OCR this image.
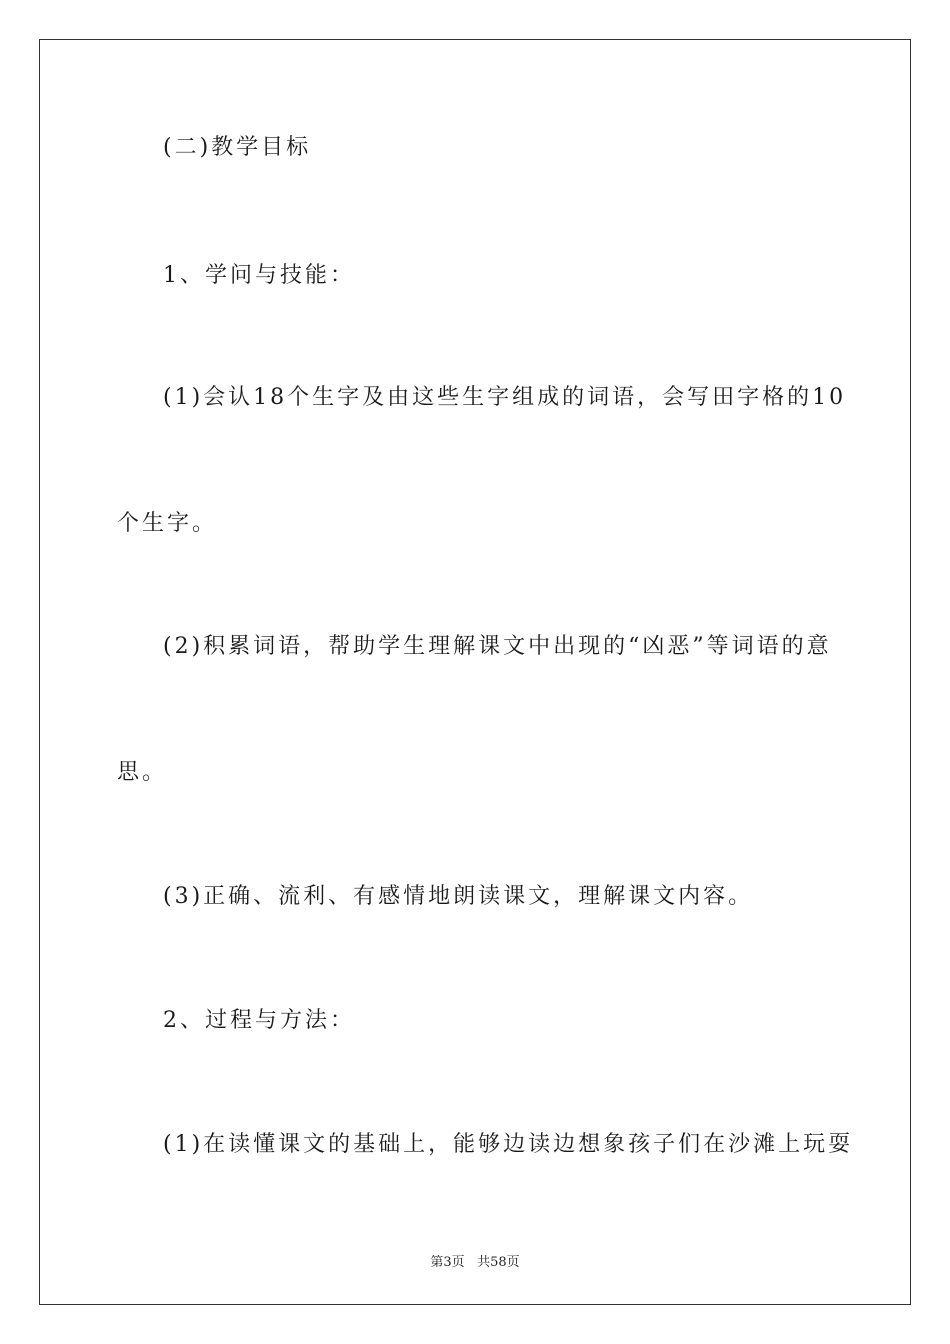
(二)教学目标
1、学问与技能：
(1)会认18个生字及由这些生字组成的词语，会写田字格的10
个生字。
(2)积累词语，帮助学生理解课文中出现的“凶恶”等词语的意
思。
(3)正确、流利、有感情地朗读课文，理解课文内容。
2、过程与方法：
(1)在读懂课文的基础上，能够边读边想象孩子们在沙滩上玩耍
第3页 共58页
